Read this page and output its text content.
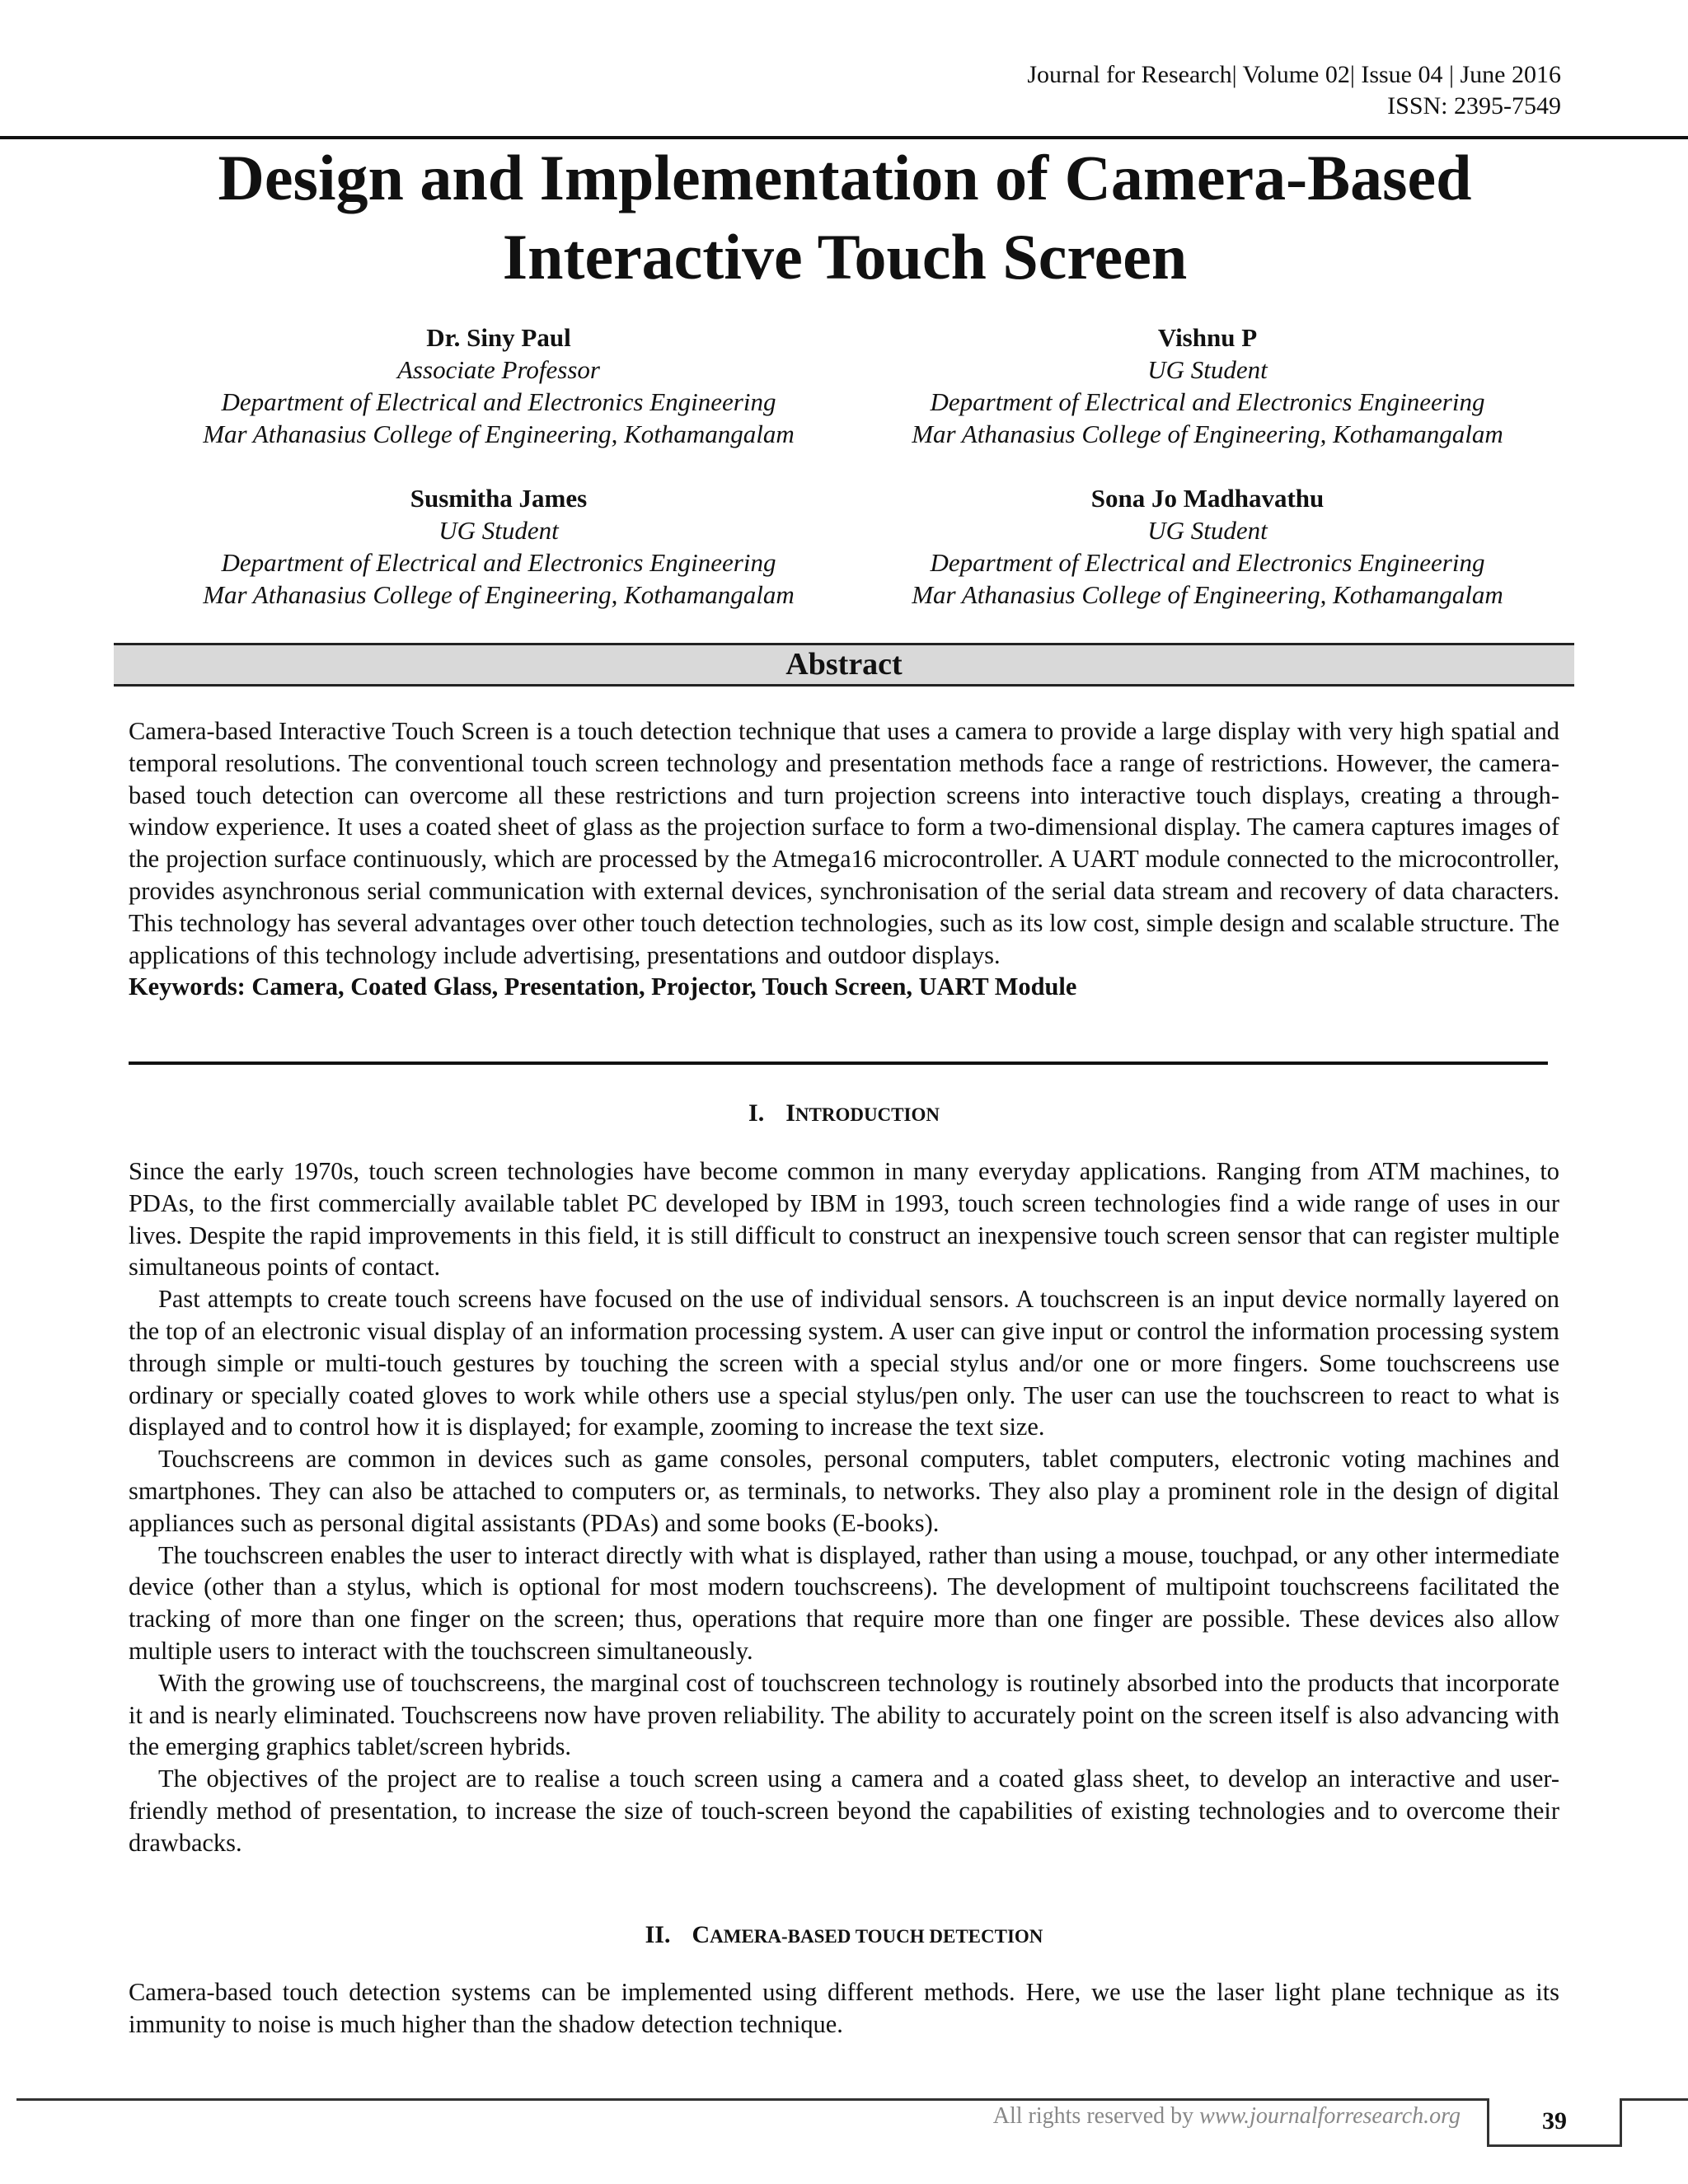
Journal for Research| Volume 02| Issue 04 | June 2016
ISSN: 2395-7549
Design and Implementation of Camera-Based
Interactive Touch Screen
Dr. Siny Paul
Associate Professor
Department of Electrical and Electronics Engineering
Mar Athanasius College of Engineering, Kothamangalam
Vishnu P
UG Student
Department of Electrical and Electronics Engineering
Mar Athanasius College of Engineering, Kothamangalam
Susmitha James
UG Student
Department of Electrical and Electronics Engineering
Mar Athanasius College of Engineering, Kothamangalam
Sona Jo Madhavathu
UG Student
Department of Electrical and Electronics Engineering
Mar Athanasius College of Engineering, Kothamangalam
Abstract

Camera-based Interactive Touch Screen is a touch detection technique that uses a camera to provide a large display with very high spatial and temporal resolutions. The conventional touch screen technology and presentation methods face a range of restrictions. However, the camera-based touch detection can overcome all these restrictions and turn projection screens into interactive touch displays, creating a through-window experience. It uses a coated sheet of glass as the projection surface to form a two-dimensional display. The camera captures images of the projection surface continuously, which are processed by the Atmega16 microcontroller. A UART module connected to the microcontroller, provides asynchronous serial communication with external devices, synchronisation of the serial data stream and recovery of data characters. This technology has several advantages over other touch detection technologies, such as its low cost, simple design and scalable structure. The applications of this technology include advertising, presentations and outdoor displays.

Keywords: Camera, Coated Glass, Presentation, Projector, Touch Screen, UART Module

I. INTRODUCTION

Since the early 1970s, touch screen technologies have become common in many everyday applications. Ranging from ATM machines, to PDAs, to the first commercially available tablet PC developed by IBM in 1993, touch screen technologies find a wide range of uses in our lives. Despite the rapid improvements in this field, it is still difficult to construct an inexpensive touch screen sensor that can register multiple simultaneous points of contact.

Past attempts to create touch screens have focused on the use of individual sensors. A touchscreen is an input device normally layered on the top of an electronic visual display of an information processing system. A user can give input or control the information processing system through simple or multi-touch gestures by touching the screen with a special stylus and/or one or more fingers. Some touchscreens use ordinary or specially coated gloves to work while others use a special stylus/pen only. The user can use the touchscreen to react to what is displayed and to control how it is displayed; for example, zooming to increase the text size.

Touchscreens are common in devices such as game consoles, personal computers, tablet computers, electronic voting machines and smartphones. They can also be attached to computers or, as terminals, to networks. They also play a prominent role in the design of digital appliances such as personal digital assistants (PDAs) and some books (E-books).

The touchscreen enables the user to interact directly with what is displayed, rather than using a mouse, touchpad, or any other intermediate device (other than a stylus, which is optional for most modern touchscreens). The development of multipoint touchscreens facilitated the tracking of more than one finger on the screen; thus, operations that require more than one finger are possible. These devices also allow multiple users to interact with the touchscreen simultaneously.

With the growing use of touchscreens, the marginal cost of touchscreen technology is routinely absorbed into the products that incorporate it and is nearly eliminated. Touchscreens now have proven reliability. The ability to accurately point on the screen itself is also advancing with the emerging graphics tablet/screen hybrids.

The objectives of the project are to realise a touch screen using a camera and a coated glass sheet, to develop an interactive and user-friendly method of presentation, to increase the size of touch-screen beyond the capabilities of existing technologies and to overcome their drawbacks.

II. CAMERA-BASED TOUCH DETECTION

Camera-based touch detection systems can be implemented using different methods. Here, we use the laser light plane technique as its immunity to noise is much higher than the shadow detection technique.

All rights reserved by www.journalforresearch.org	39
